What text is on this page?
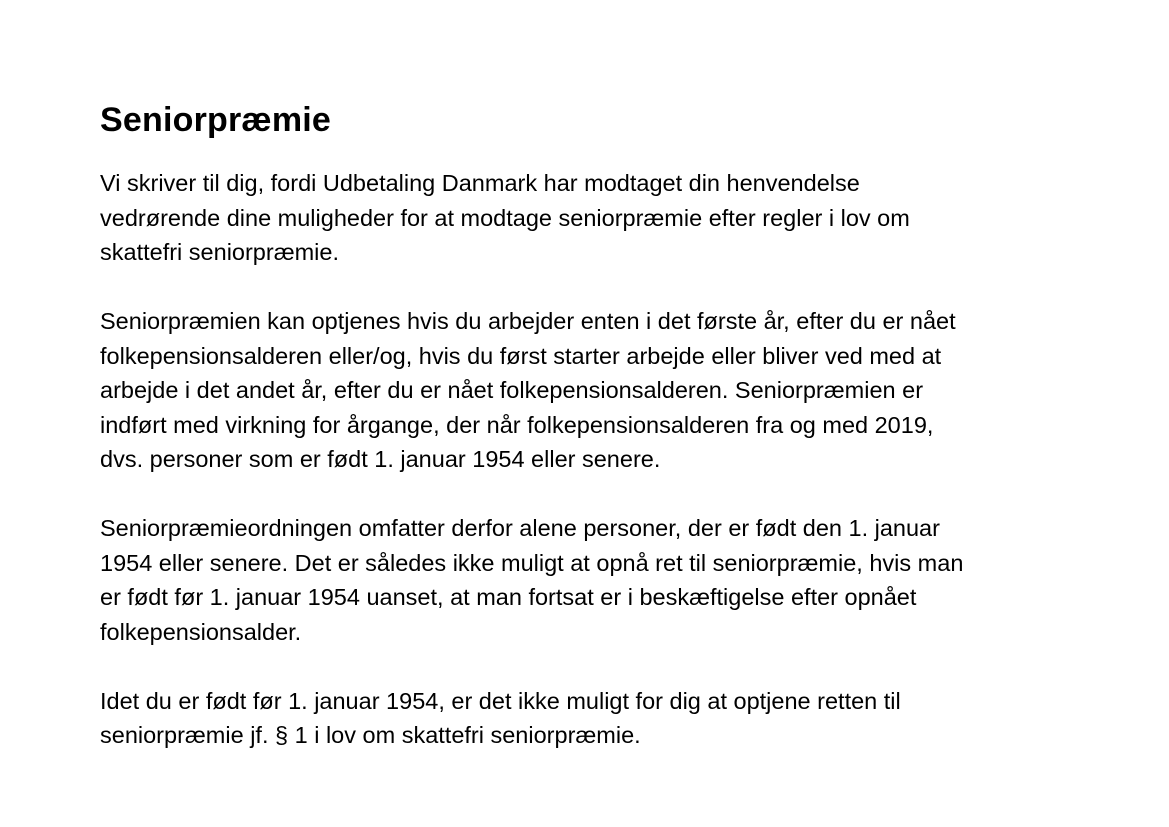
Seniorpræmie

Vi skriver til dig, fordi Udbetaling Danmark har modtaget din henvendelse
vedrørende dine muligheder for at modtage seniorpræmie efter regler i lov om
skattefri seniorpræmie.

Seniorpræmien kan optjenes hvis du arbejder enten i det første år, efter du er nået
folkepensionsalderen eller/og, hvis du først starter arbejde eller bliver ved med at
arbejde i det andet år, efter du er nået folkepensionsalderen. Seniorpræmien er
indført med virkning for årgange, der når folkepensionsalderen fra og med 2019,
dvs. personer som er født 1. januar 1954 eller senere.

Seniorpræmieordningen omfatter derfor alene personer, der er født den 1. januar
1954 eller senere. Det er således ikke muligt at opnå ret til seniorpræmie, hvis man
er født før 1. januar 1954 uanset, at man fortsat er i beskæftigelse efter opnået
folkepensionsalder.

Idet du er født før 1. januar 1954, er det ikke muligt for dig at optjene retten til
seniorpræmie jf. § 1 i lov om skattefri seniorpræmie.
